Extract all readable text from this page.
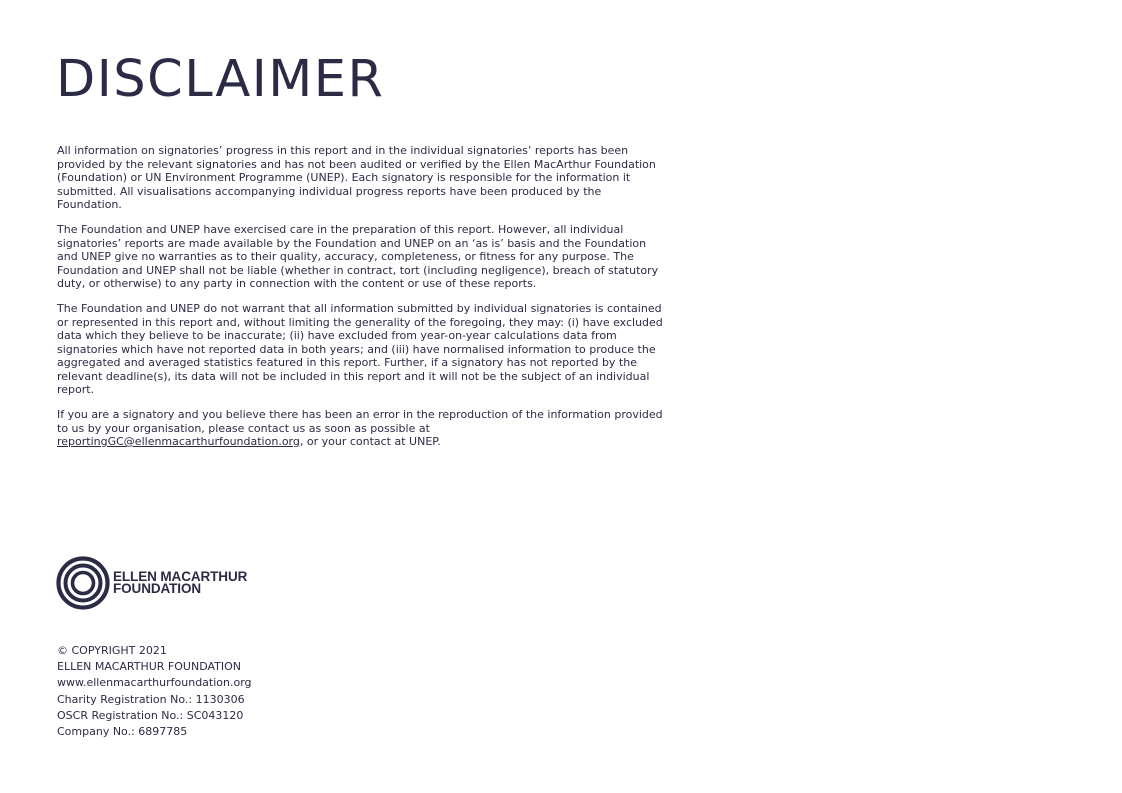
DISCLAIMER

All information on signatories’ progress in this report and in the individual signatories’ reports has been provided by the relevant signatories and has not been audited or verified by the Ellen MacArthur Foundation (Foundation) or UN Environment Programme (UNEP). Each signatory is responsible for the information it submitted. All visualisations accompanying individual progress reports have been produced by the Foundation.

The Foundation and UNEP have exercised care in the preparation of this report. However, all individual signatories’ reports are made available by the Foundation and UNEP on an ‘as is’ basis and the Foundation and UNEP give no warranties as to their quality, accuracy, completeness, or fitness for any purpose. The Foundation and UNEP shall not be liable (whether in contract, tort (including negligence), breach of statutory duty, or otherwise) to any party in connection with the content or use of these reports.

The Foundation and UNEP do not warrant that all information submitted by individual signatories is contained or represented in this report and, without limiting the generality of the foregoing, they may: (i) have excluded data which they believe to be inaccurate; (ii) have excluded from year-on-year calculations data from signatories which have not reported data in both years; and (iii) have normalised information to produce the aggregated and averaged statistics featured in this report. Further, if a signatory has not reported by the relevant deadline(s), its data will not be included in this report and it will not be the subject of an individual report.

If you are a signatory and you believe there has been an error in the reproduction of the information provided to us by your organisation, please contact us as soon as possible at reportingGC@ellenmacarthurfoundation.org, or your contact at UNEP.

ELLEN MACARTHUR
FOUNDATION
© COPYRIGHT 2021
ELLEN MACARTHUR FOUNDATION
www.ellenmacarthurfoundation.org
Charity Registration No.: 1130306
OSCR Registration No.: SC043120
Company No.: 6897785
